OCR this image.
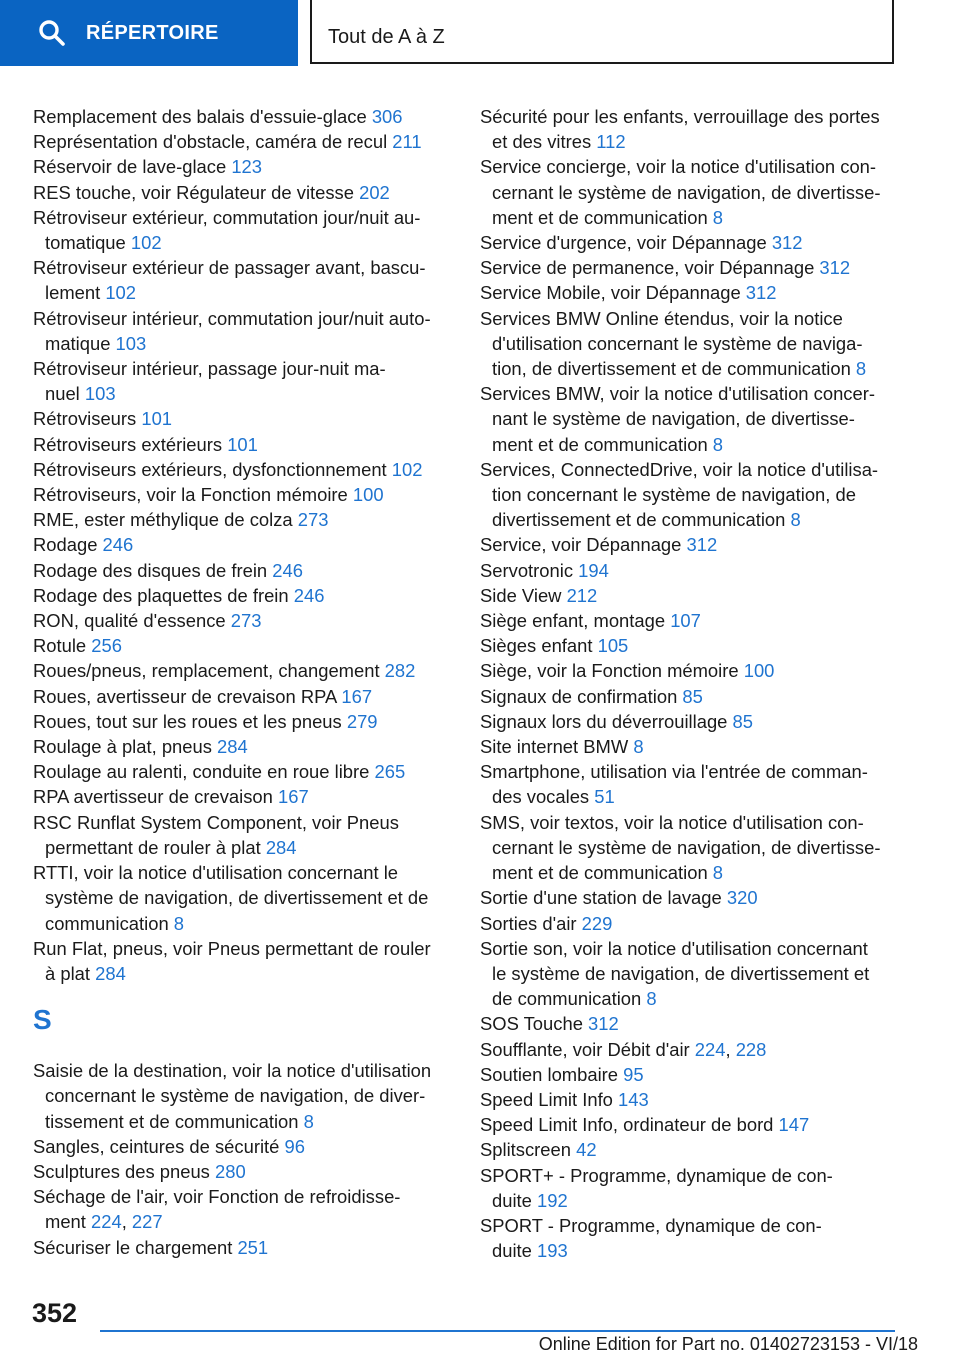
RÉPERTOIRE	Tout de A à Z
Remplacement des balais d'essuie-glace 306
Représentation d'obstacle, caméra de recul 211
Réservoir de lave-glace 123
RES touche, voir Régulateur de vitesse 202
Rétroviseur extérieur, commutation jour/nuit au-
tomatique 102
Rétroviseur extérieur de passager avant, bascu-
lement 102
Rétroviseur intérieur, commutation jour/nuit auto-
matique 103
Rétroviseur intérieur, passage jour-nuit ma-
nuel 103
Rétroviseurs 101
Rétroviseurs extérieurs 101
Rétroviseurs extérieurs, dysfonctionnement 102
Rétroviseurs, voir la Fonction mémoire 100
RME, ester méthylique de colza 273
Rodage 246
Rodage des disques de frein 246
Rodage des plaquettes de frein 246
RON, qualité d'essence 273
Rotule 256
Roues/pneus, remplacement, changement 282
Roues, avertisseur de crevaison RPA 167
Roues, tout sur les roues et les pneus 279
Roulage à plat, pneus 284
Roulage au ralenti, conduite en roue libre 265
RPA avertisseur de crevaison 167
RSC Runflat System Component, voir Pneus
permettant de rouler à plat 284
RTTI, voir la notice d'utilisation concernant le
système de navigation, de divertissement et de
communication 8
Run Flat, pneus, voir Pneus permettant de rouler
à plat 284
S
Saisie de la destination, voir la notice d'utilisation
concernant le système de navigation, de diver-
tissement et de communication 8
Sangles, ceintures de sécurité 96
Sculptures des pneus 280
Séchage de l'air, voir Fonction de refroidisse-
ment 224, 227
Sécuriser le chargement 251
Sécurité pour les enfants, verrouillage des portes
et des vitres 112
Service concierge, voir la notice d'utilisation con-
cernant le système de navigation, de divertisse-
ment et de communication 8
Service d'urgence, voir Dépannage 312
Service de permanence, voir Dépannage 312
Service Mobile, voir Dépannage 312
Services BMW Online étendus, voir la notice
d'utilisation concernant le système de naviga-
tion, de divertissement et de communication 8
Services BMW, voir la notice d'utilisation concer-
nant le système de navigation, de divertisse-
ment et de communication 8
Services, ConnectedDrive, voir la notice d'utilisa-
tion concernant le système de navigation, de
divertissement et de communication 8
Service, voir Dépannage 312
Servotronic 194
Side View 212
Siège enfant, montage 107
Sièges enfant 105
Siège, voir la Fonction mémoire 100
Signaux de confirmation 85
Signaux lors du déverrouillage 85
Site internet BMW 8
Smartphone, utilisation via l'entrée de comman-
des vocales 51
SMS, voir textos, voir la notice d'utilisation con-
cernant le système de navigation, de divertisse-
ment et de communication 8
Sortie d'une station de lavage 320
Sorties d'air 229
Sortie son, voir la notice d'utilisation concernant
le système de navigation, de divertissement et
de communication 8
SOS Touche 312
Soufflante, voir Débit d'air 224, 228
Soutien lombaire 95
Speed Limit Info 143
Speed Limit Info, ordinateur de bord 147
Splitscreen 42
SPORT+ - Programme, dynamique de con-
duite 192
SPORT - Programme, dynamique de con-
duite 193
352
Online Edition for Part no. 01402723153 - VI/18
